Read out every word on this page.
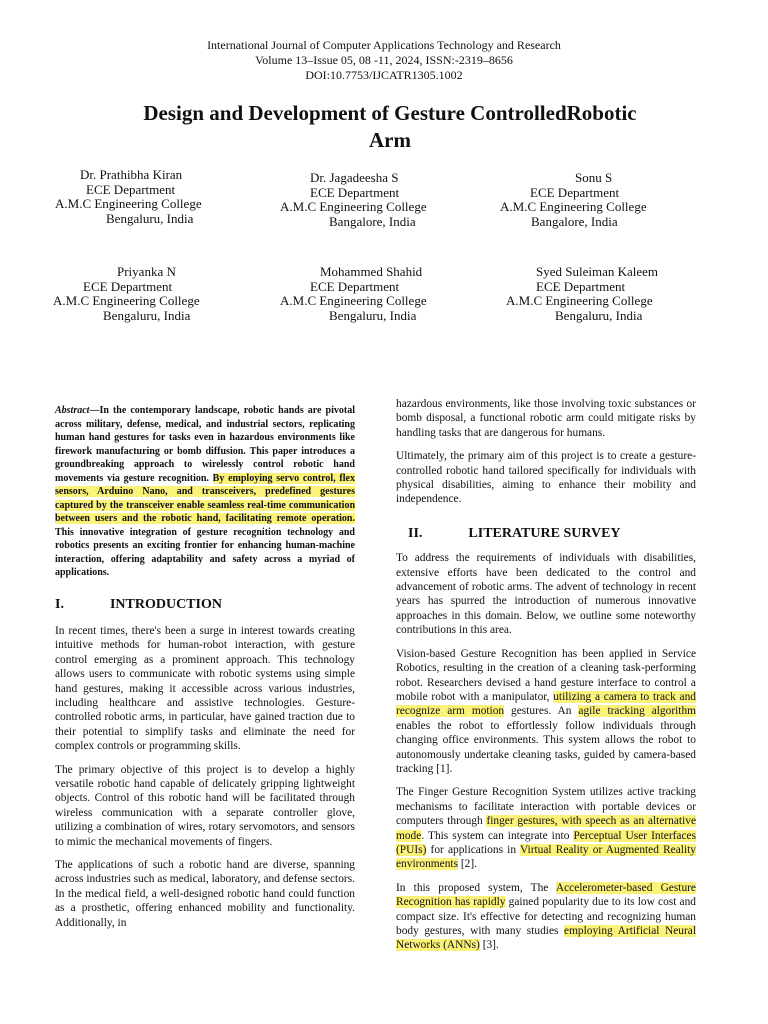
International Journal of Computer Applications Technology and Research
Volume 13–Issue 05, 08 -11, 2024, ISSN:-2319–8656
DOI:10.7753/IJCATR1305.1002
Design and Development of Gesture ControlledRobotic
Arm
Dr. Prathibha Kiran
ECE Department
A.M.C Engineering College
Bengaluru, India
Dr. Jagadeesha S
ECE Department
A.M.C Engineering College
Bangalore, India
Sonu S
ECE Department
A.M.C Engineering College
Bangalore, India
Priyanka N
ECE Department
A.M.C Engineering College
Bengaluru, India
Mohammed Shahid
ECE Department
A.M.C Engineering College
Bengaluru, India
Syed Suleiman Kaleem
ECE Department
A.M.C Engineering College
Bengaluru, India

Abstract—In the contemporary landscape, robotic hands are pivotal across military, defense, medical, and industrial sectors, replicating human hand gestures for tasks even in hazardous environments like firework manufacturing or bomb diffusion. This paper introduces a groundbreaking approach to wirelessly control robotic hand movements via gesture recognition. By employing servo control, flex sensors, Arduino Nano, and transceivers, predefined gestures captured by the transceiver enable seamless real-time communication between users and the robotic hand, facilitating remote operation. This innovative integration of gesture recognition technology and robotics presents an exciting frontier for enhancing human-machine interaction, offering adaptability and safety across a myriad of applications.

I.	INTRODUCTION

In recent times, there's been a surge in interest towards creating intuitive methods for human-robot interaction, with gesture control emerging as a prominent approach. This technology allows users to communicate with robotic systems using simple hand gestures, making it accessible across various industries, including healthcare and assistive technologies. Gesture-controlled robotic arms, in particular, have gained traction due to their potential to simplify tasks and eliminate the need for complex controls or programming skills.

The primary objective of this project is to develop a highly versatile robotic hand capable of delicately gripping lightweight objects. Control of this robotic hand will be facilitated through wireless communication with a separate controller glove, utilizing a combination of wires, rotary servomotors, and sensors to mimic the mechanical movements of fingers.

The applications of such a robotic hand are diverse, spanning across industries such as medical, laboratory, and defense sectors. In the medical field, a well-designed robotic hand could function as a prosthetic, offering enhanced mobility and functionality. Additionally, in

hazardous environments, like those involving toxic substances or bomb disposal, a functional robotic arm could mitigate risks by handling tasks that are dangerous for humans.

Ultimately, the primary aim of this project is to create a gesture-controlled robotic hand tailored specifically for individuals with physical disabilities, aiming to enhance their mobility and independence.

II.	LITERATURE SURVEY

To address the requirements of individuals with disabilities, extensive efforts have been dedicated to the control and advancement of robotic arms. The advent of technology in recent years has spurred the introduction of numerous innovative approaches in this domain. Below, we outline some noteworthy contributions in this area.

Vision-based Gesture Recognition has been applied in Service Robotics, resulting in the creation of a cleaning task-performing robot. Researchers devised a hand gesture interface to control a mobile robot with a manipulator, utilizing a camera to track and recognize arm motion gestures. An agile tracking algorithm enables the robot to effortlessly follow individuals through changing office environments. This system allows the robot to autonomously undertake cleaning tasks, guided by camera-based tracking [1].

The Finger Gesture Recognition System utilizes active tracking mechanisms to facilitate interaction with portable devices or computers through finger gestures, with speech as an alternative mode. This system can integrate into Perceptual User Interfaces (PUIs) for applications in Virtual Reality or Augmented Reality environments [2].

In this proposed system, The Accelerometer-based Gesture Recognition has rapidly gained popularity due to its low cost and compact size. It's effective for detecting and recognizing human body gestures, with many studies employing Artificial Neural Networks (ANNs) [3].
